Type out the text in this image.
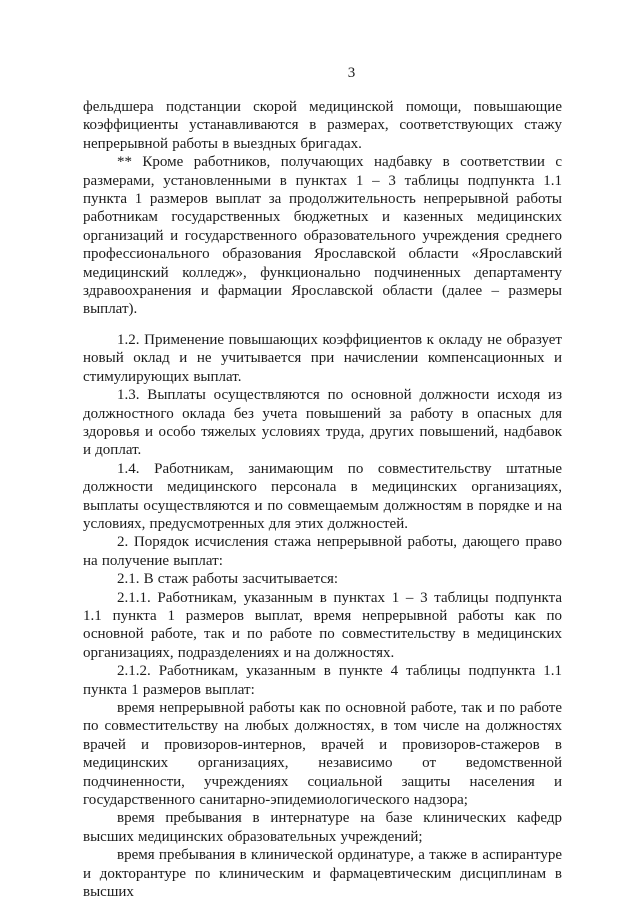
3

фельдшера подстанции скорой медицинской помощи, повышающие коэффициенты устанавливаются в размерах, соответствующих стажу непрерывной работы в выездных бригадах.

** Кроме работников, получающих надбавку в соответствии с размерами, установленными в пунктах 1 – 3 таблицы подпункта 1.1 пункта 1 размеров выплат за продолжительность непрерывной работы работникам государственных бюджетных и казенных медицинских организаций и государственного образовательного учреждения среднего профессионального образования Ярославской области «Ярославский медицинский колледж», функционально подчиненных департаменту здравоохранения и фармации Ярославской области (далее – размеры выплат).

1.2. Применение повышающих коэффициентов к окладу не образует новый оклад и не учитывается при начислении компенсационных и стимулирующих выплат.

1.3. Выплаты осуществляются по основной должности исходя из должностного оклада без учета повышений за работу в опасных для здоровья и особо тяжелых условиях труда, других повышений, надбавок и доплат.

1.4. Работникам, занимающим по совместительству штатные должности медицинского персонала в медицинских организациях, выплаты осуществляются и по совмещаемым должностям в порядке и на условиях, предусмотренных для этих должностей.

2. Порядок исчисления стажа непрерывной работы, дающего право на получение выплат:

2.1. В стаж работы засчитывается:

2.1.1. Работникам, указанным в пунктах 1 – 3 таблицы подпункта 1.1 пункта 1 размеров выплат, время непрерывной работы как по основной работе, так и по работе по совместительству в медицинских организациях, подразделениях и на должностях.

2.1.2. Работникам, указанным в пункте 4 таблицы подпункта 1.1 пункта 1 размеров выплат:

время непрерывной работы как по основной работе, так и по работе по совместительству на любых должностях, в том числе на должностях врачей и провизоров-интернов, врачей и провизоров-стажеров в медицинских организациях, независимо от ведомственной подчиненности, учреждениях социальной защиты населения и государственного санитарно-эпидемиологического надзора;

время пребывания в интернатуре на базе клинических кафедр высших медицинских образовательных учреждений;

время пребывания в клинической ординатуре, а также в аспирантуре и докторантуре по клиническим и фармацевтическим дисциплинам в высших
